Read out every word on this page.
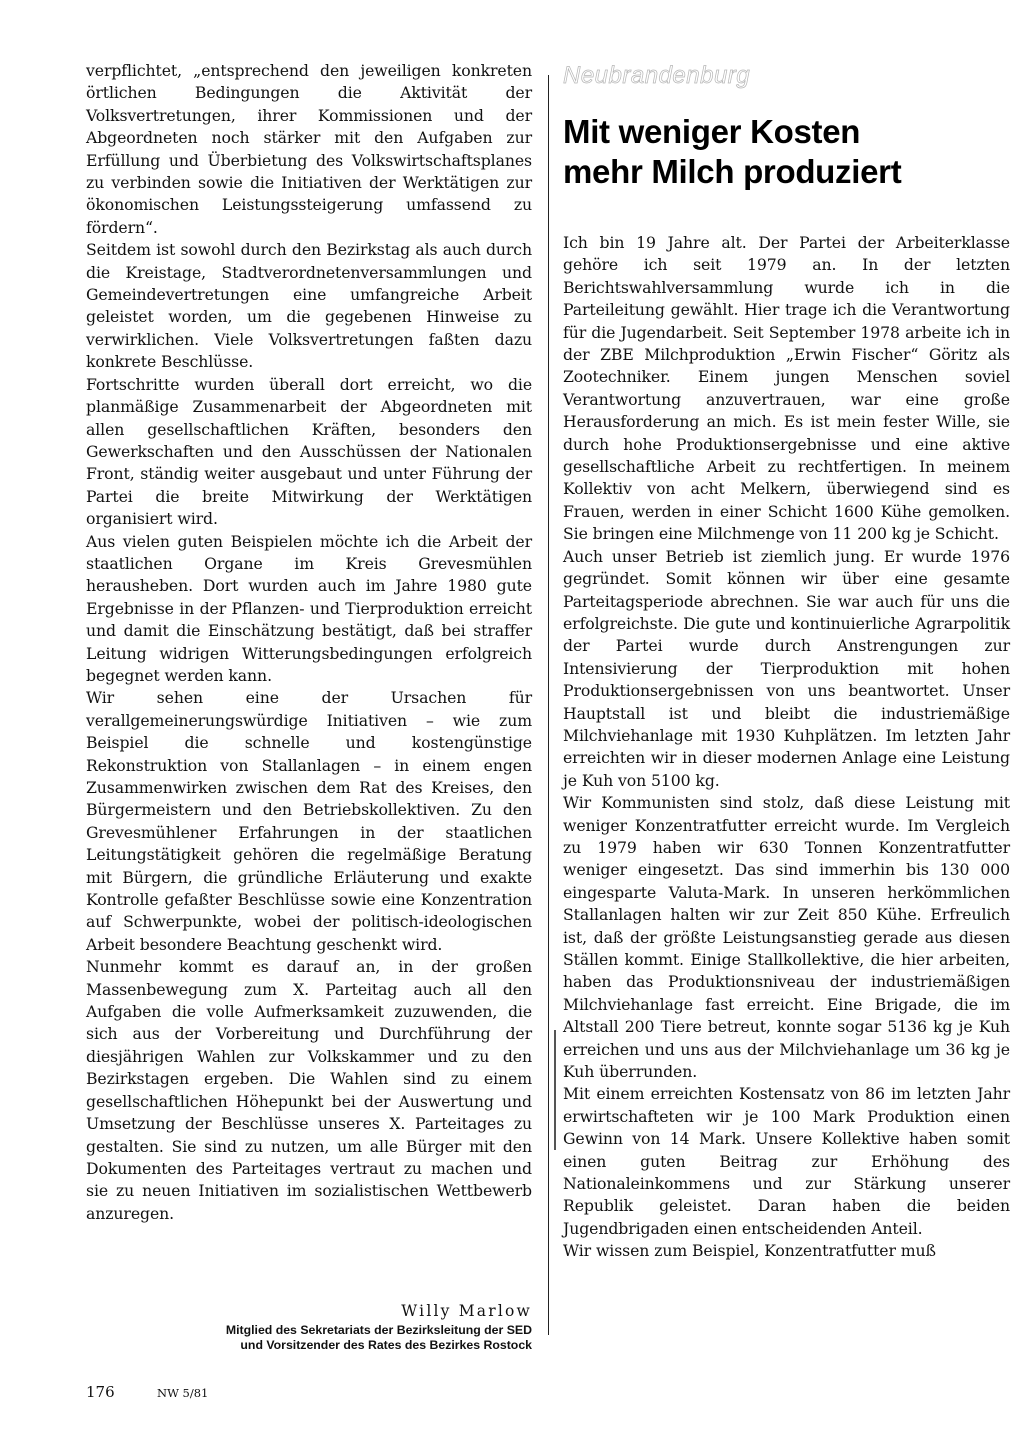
verpflichtet, „entsprechend den jeweiligen konkreten örtlichen Bedingungen die Aktivität der Volksvertretungen, ihrer Kommissionen und der Abgeordneten noch stärker mit den Aufgaben zur Erfüllung und Überbietung des Volkswirtschaftsplanes zu verbinden sowie die Initiativen der Werktätigen zur ökonomischen Leistungssteigerung umfassend zu fördern“.

Seitdem ist sowohl durch den Bezirkstag als auch durch die Kreistage, Stadtverordnetenversammlungen und Gemeindevertretungen eine umfangreiche Arbeit geleistet worden, um die gegebenen Hinweise zu verwirklichen. Viele Volksvertretungen faßten dazu konkrete Beschlüsse.

Fortschritte wurden überall dort erreicht, wo die planmäßige Zusammenarbeit der Abgeordneten mit allen gesellschaftlichen Kräften, besonders den Gewerkschaften und den Ausschüssen der Nationalen Front, ständig weiter ausgebaut und unter Führung der Partei die breite Mitwirkung der Werktätigen organisiert wird.

Aus vielen guten Beispielen möchte ich die Arbeit der staatlichen Organe im Kreis Grevesmühlen herausheben. Dort wurden auch im Jahre 1980 gute Ergebnisse in der Pflanzen- und Tierproduktion erreicht und damit die Einschätzung bestätigt, daß bei straffer Leitung widrigen Witterungsbedingungen erfolgreich begegnet werden kann.

Wir sehen eine der Ursachen für verallgemeinerungswürdige Initiativen – wie zum Beispiel die schnelle und kostengünstige Rekonstruktion von Stallanlagen – in einem engen Zusammenwirken zwischen dem Rat des Kreises, den Bürgermeistern und den Betriebskollektiven. Zu den Grevesmühlener Erfahrungen in der staatlichen Leitungstätigkeit gehören die regelmäßige Beratung mit Bürgern, die gründliche Erläuterung und exakte Kontrolle gefaßter Beschlüsse sowie eine Konzentration auf Schwerpunkte, wobei der politisch-ideologischen Arbeit besondere Beachtung geschenkt wird.

Nunmehr kommt es darauf an, in der großen Massenbewegung zum X. Parteitag auch all den Aufgaben die volle Aufmerksamkeit zuzuwenden, die sich aus der Vorbereitung und Durchführung der diesjährigen Wahlen zur Volkskammer und zu den Bezirkstagen ergeben. Die Wahlen sind zu einem gesellschaftlichen Höhepunkt bei der Auswertung und Umsetzung der Beschlüsse unseres X. Parteitages zu gestalten. Sie sind zu nutzen, um alle Bürger mit den Dokumenten des Parteitages vertraut zu machen und sie zu neuen Initiativen im sozialistischen Wettbewerb anzuregen.

Willy Marlow
Mitglied des Sekretariats der Bezirksleitung der SED
und Vorsitzender des Rates des Bezirkes Rostock
Neubrandenburg
Mit weniger Kosten
mehr Milch produziert

Ich bin 19 Jahre alt. Der Partei der Arbeiterklasse gehöre ich seit 1979 an. In der letzten Berichtswahlversammlung wurde ich in die Parteileitung gewählt. Hier trage ich die Verantwortung für die Jugendarbeit. Seit September 1978 arbeite ich in der ZBE Milchproduktion „Erwin Fischer“ Göritz als Zootechniker. Einem jungen Menschen soviel Verantwortung anzuvertrauen, war eine große Herausforderung an mich. Es ist mein fester Wille, sie durch hohe Produktionsergebnisse und eine aktive gesellschaftliche Arbeit zu rechtfertigen. In meinem Kollektiv von acht Melkern, überwiegend sind es Frauen, werden in einer Schicht 1600 Kühe gemolken. Sie bringen eine Milchmenge von 11 200 kg je Schicht.

Auch unser Betrieb ist ziemlich jung. Er wurde 1976 gegründet. Somit können wir über eine gesamte Parteitagsperiode abrechnen. Sie war auch für uns die erfolgreichste. Die gute und kontinuierliche Agrarpolitik der Partei wurde durch Anstrengungen zur Intensivierung der Tierproduktion mit hohen Produktionsergebnissen von uns beantwortet. Unser Hauptstall ist und bleibt die industriemäßige Milchviehanlage mit 1930 Kuhplätzen. Im letzten Jahr erreichten wir in dieser modernen Anlage eine Leistung je Kuh von 5100 kg.

Wir Kommunisten sind stolz, daß diese Leistung mit weniger Konzentratfutter erreicht wurde. Im Vergleich zu 1979 haben wir 630 Tonnen Konzentratfutter weniger eingesetzt. Das sind immerhin bis 130 000 eingesparte Valuta-Mark. In unseren herkömmlichen Stallanlagen halten wir zur Zeit 850 Kühe. Erfreulich ist, daß der größte Leistungsanstieg gerade aus diesen Ställen kommt. Einige Stallkollektive, die hier arbeiten, haben das Produktionsniveau der industriemäßigen Milchviehanlage fast erreicht. Eine Brigade, die im Altstall 200 Tiere betreut, konnte sogar 5136 kg je Kuh erreichen und uns aus der Milchviehanlage um 36 kg je Kuh überrunden.

Mit einem erreichten Kostensatz von 86 im letzten Jahr erwirtschafteten wir je 100 Mark Produktion einen Gewinn von 14 Mark. Unsere Kollektive haben somit einen guten Beitrag zur Erhöhung des Nationaleinkommens und zur Stärkung unserer Republik geleistet. Daran haben die beiden Jugendbrigaden einen entscheidenden Anteil.

Wir wissen zum Beispiel, Konzentratfutter muß

176	NW 5/81
